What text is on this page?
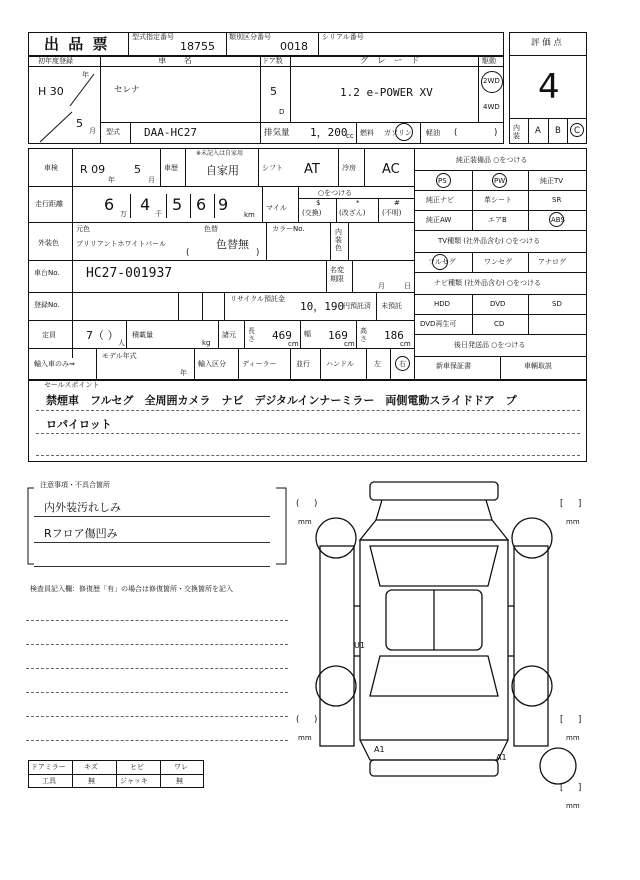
出 品 票	型式指定番号
18755
類別区分番号
0018
シリアル番号
評 価 点
4
内装	A B C
初年度登録
H 30
年
5
月
車　　名
セレナ
ドア数
5
D
グ　レ　ー　ド
1.2 e-POWER XV
駆動
2WD
4WD
型式 DAA-HC27	排気量 1，200
cc 燃料 ガソリン 軽油 (	)
車検 R 09
年
5
月
車歴
※未記入は自家用
自家用	シフト AT	冷房 AC
走行距離	6 万 4 千 5 6 9
km
マイル
○をつける
$
(交換)
*
(改ざん)
#
(不明)
外装色
元色
ブリリアントホワイトパール
色替
色替無
(	)
カラーNo.	内装色
車台No. HC27-001937	名変期限
月	日
登録No.
リサイクル預託金
10，190
円預託済 未預託
定員	7（ ）
人
積載量
kg
諸元 長さ 469
cm
幅 169
cm
高さ 186
cm
輸入車のみ⇒
モデル年式
年
輸入区分 ディーラー	並行 ハンドル	左	右
純正装備品 ○をつける
PS	PW	純正TV
純正ナビ	革シート	SR
純正AW	エアB	ABS
TV種類 (社外品含む) ○をつける
フルセグ	ワンセグ	アナログ
ナビ種類 (社外品含む) ○をつける
HDD	DVD	SD
DVD再生可	CD
後日発送品 ○をつける
新車保証書	車輌取説
セールスポイント
禁煙車　フルセグ　全周囲カメラ　ナビ　デジタルインナーミラー　両側電動スライドドア　プ
ロパイロット
注意事項・不具合箇所
内外装汚れしみ
Rフロア傷凹み
検査員記入欄：修復歴「有」の場合は修復箇所・交換箇所を記入
ドアミラー	キズ	ヒビ	ワレ
工具	無	ジャッキ	無
U1
A1
A1
( )
mm
( )
mm
[ ]
mm
[ ]
mm
[ ]
mm
